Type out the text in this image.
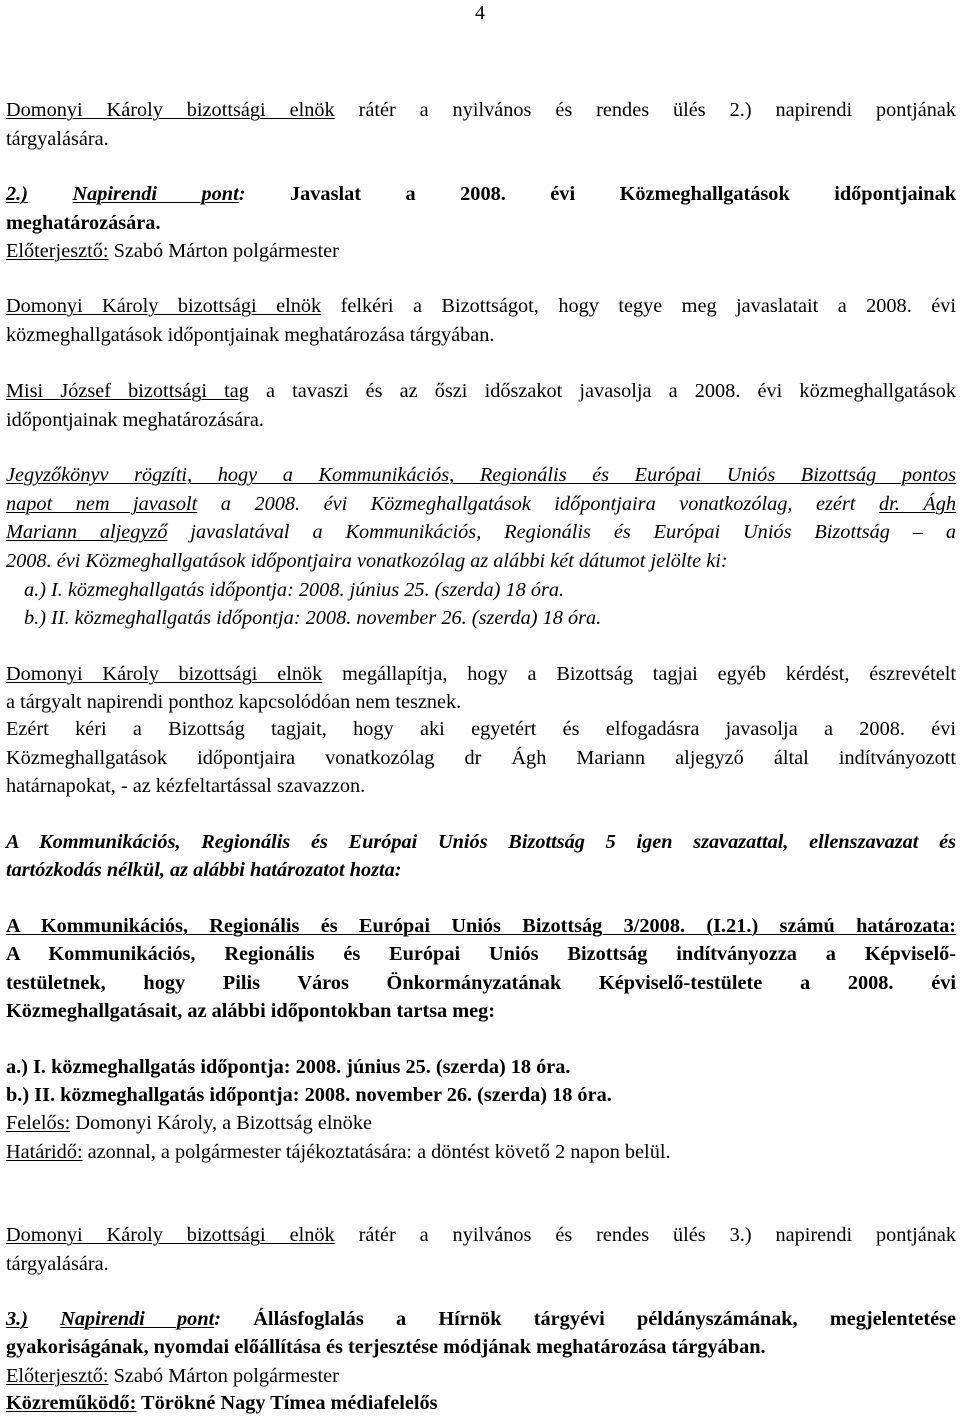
4
Domonyi Károly bizottsági elnök rátér a nyilvános és rendes ülés 2.) napirendi pontjának
tárgyalására.
2.) Napirendi pont: Javaslat a 2008. évi Közmeghallgatások időpontjainak
meghatározására.
Előterjesztő: Szabó Márton polgármester
Domonyi Károly bizottsági elnök felkéri a Bizottságot, hogy tegye meg javaslatait a 2008. évi
közmeghallgatások időpontjainak meghatározása tárgyában.
Misi József bizottsági tag a tavaszi és az őszi időszakot javasolja a 2008. évi közmeghallgatások
időpontjainak meghatározására.
Jegyzőkönyv rögzíti, hogy a Kommunikációs, Regionális és Európai Uniós Bizottság pontos
napot nem javasolt a 2008. évi Közmeghallgatások időpontjaira vonatkozólag, ezért dr. Ágh
Mariann aljegyző javaslatával a Kommunikációs, Regionális és Európai Uniós Bizottság – a
2008. évi Közmeghallgatások időpontjaira vonatkozólag az alábbi két dátumot jelölte ki:
a.) I. közmeghallgatás időpontja: 2008. június 25. (szerda) 18 óra.
b.) II. közmeghallgatás időpontja: 2008. november 26. (szerda) 18 óra.
Domonyi Károly bizottsági elnök megállapítja, hogy a Bizottság tagjai egyéb kérdést, észrevételt
a tárgyalt napirendi ponthoz kapcsolódóan nem tesznek.
Ezért kéri a Bizottság tagjait, hogy aki egyetért és elfogadásra javasolja a 2008. évi
Közmeghallgatások időpontjaira vonatkozólag dr Ágh Mariann aljegyző által indítványozott
határnapokat, - az kézfeltartással szavazzon.
A Kommunikációs, Regionális és Európai Uniós Bizottság 5 igen szavazattal, ellenszavazat és
tartózkodás nélkül, az alábbi határozatot hozta:
A Kommunikációs, Regionális és Európai Uniós Bizottság 3/2008. (I.21.) számú határozata:
A Kommunikációs, Regionális és Európai Uniós Bizottság indítványozza a Képviselő-
testületnek, hogy Pilis Város Önkormányzatának Képviselő-testülete a 2008. évi
Közmeghallgatásait, az alábbi időpontokban tartsa meg:
a.) I. közmeghallgatás időpontja: 2008. június 25. (szerda) 18 óra.
b.) II. közmeghallgatás időpontja: 2008. november 26. (szerda) 18 óra.
Felelős: Domonyi Károly, a Bizottság elnöke
Határidő: azonnal, a polgármester tájékoztatására: a döntést követő 2 napon belül.
Domonyi Károly bizottsági elnök rátér a nyilvános és rendes ülés 3.) napirendi pontjának
tárgyalására.
3.) Napirendi pont: Állásfoglalás a Hírnök tárgyévi példányszámának, megjelentetése
gyakoriságának, nyomdai előállítása és terjesztése módjának meghatározása tárgyában.
Előterjesztő: Szabó Márton polgármester
Közreműködő: Törökné Nagy Tímea médiafelelős
